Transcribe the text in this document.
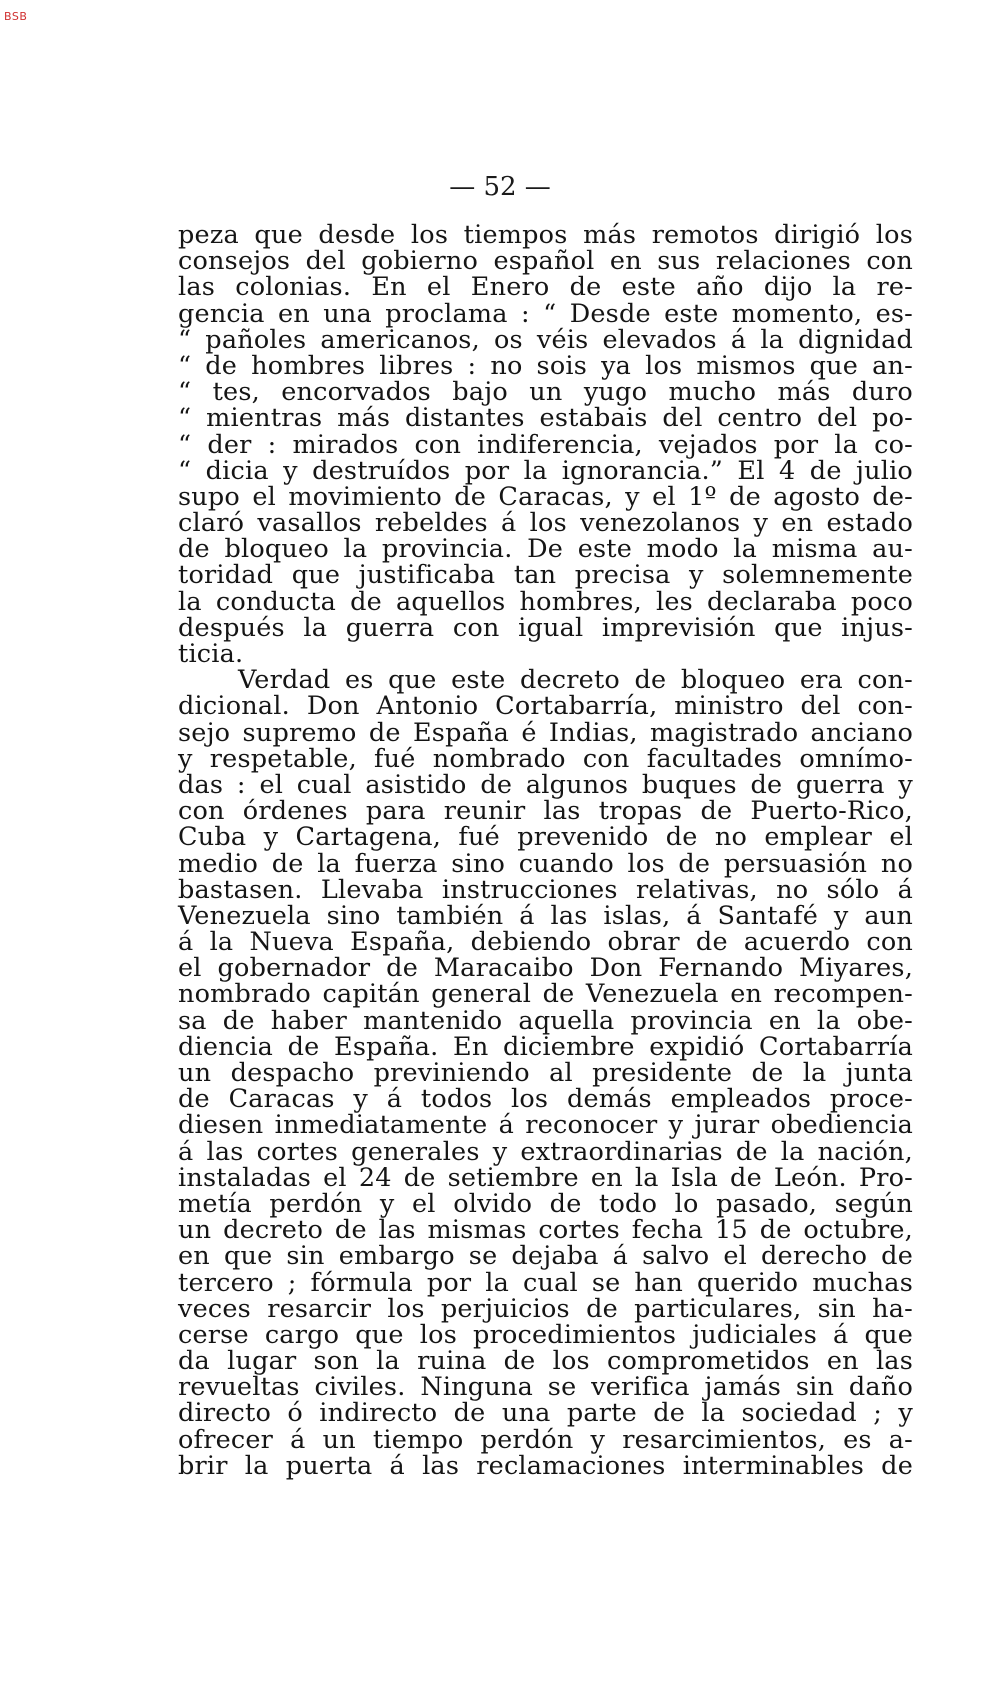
BSB
— 52 —
peza que desde los tiempos más remotos dirigió los
consejos del gobierno español en sus relaciones con
las colonias. En el Enero de este año dijo la re-
gencia en una proclama : “ Desde este momento, es-
“ pañoles americanos, os véis elevados á la dignidad
“ de hombres libres : no sois ya los mismos que an-
“ tes, encorvados bajo un yugo mucho más duro
“ mientras más distantes estabais del centro del po-
“ der : mirados con indiferencia, vejados por la co-
“ dicia y destruídos por la ignorancia.” El 4 de julio
supo el movimiento de Caracas, y el 1º de agosto de-
claró vasallos rebeldes á los venezolanos y en estado
de bloqueo la provincia. De este modo la misma au-
toridad que justificaba tan precisa y solemnemente
la conducta de aquellos hombres, les declaraba poco
después la guerra con igual imprevisión que injus-
ticia.
Verdad es que este decreto de bloqueo era con-
dicional. Don Antonio Cortabarría, ministro del con-
sejo supremo de España é Indias, magistrado anciano
y respetable, fué nombrado con facultades omnímo-
das : el cual asistido de algunos buques de guerra y
con órdenes para reunir las tropas de Puerto-Rico,
Cuba y Cartagena, fué prevenido de no emplear el
medio de la fuerza sino cuando los de persuasión no
bastasen. Llevaba instrucciones relativas, no sólo á
Venezuela sino también á las islas, á Santafé y aun
á la Nueva España, debiendo obrar de acuerdo con
el gobernador de Maracaibo Don Fernando Miyares,
nombrado capitán general de Venezuela en recompen-
sa de haber mantenido aquella provincia en la obe-
diencia de España. En diciembre expidió Cortabarría
un despacho previniendo al presidente de la junta
de Caracas y á todos los demás empleados proce-
diesen inmediatamente á reconocer y jurar obediencia
á las cortes generales y extraordinarias de la nación,
instaladas el 24 de setiembre en la Isla de León. Pro-
metía perdón y el olvido de todo lo pasado, según
un decreto de las mismas cortes fecha 15 de octubre,
en que sin embargo se dejaba á salvo el derecho de
tercero ; fórmula por la cual se han querido muchas
veces resarcir los perjuicios de particulares, sin ha-
cerse cargo que los procedimientos judiciales á que
da lugar son la ruina de los comprometidos en las
revueltas civiles. Ninguna se verifica jamás sin daño
directo ó indirecto de una parte de la sociedad ; y
ofrecer á un tiempo perdón y resarcimientos, es a-
brir la puerta á las reclamaciones interminables de
